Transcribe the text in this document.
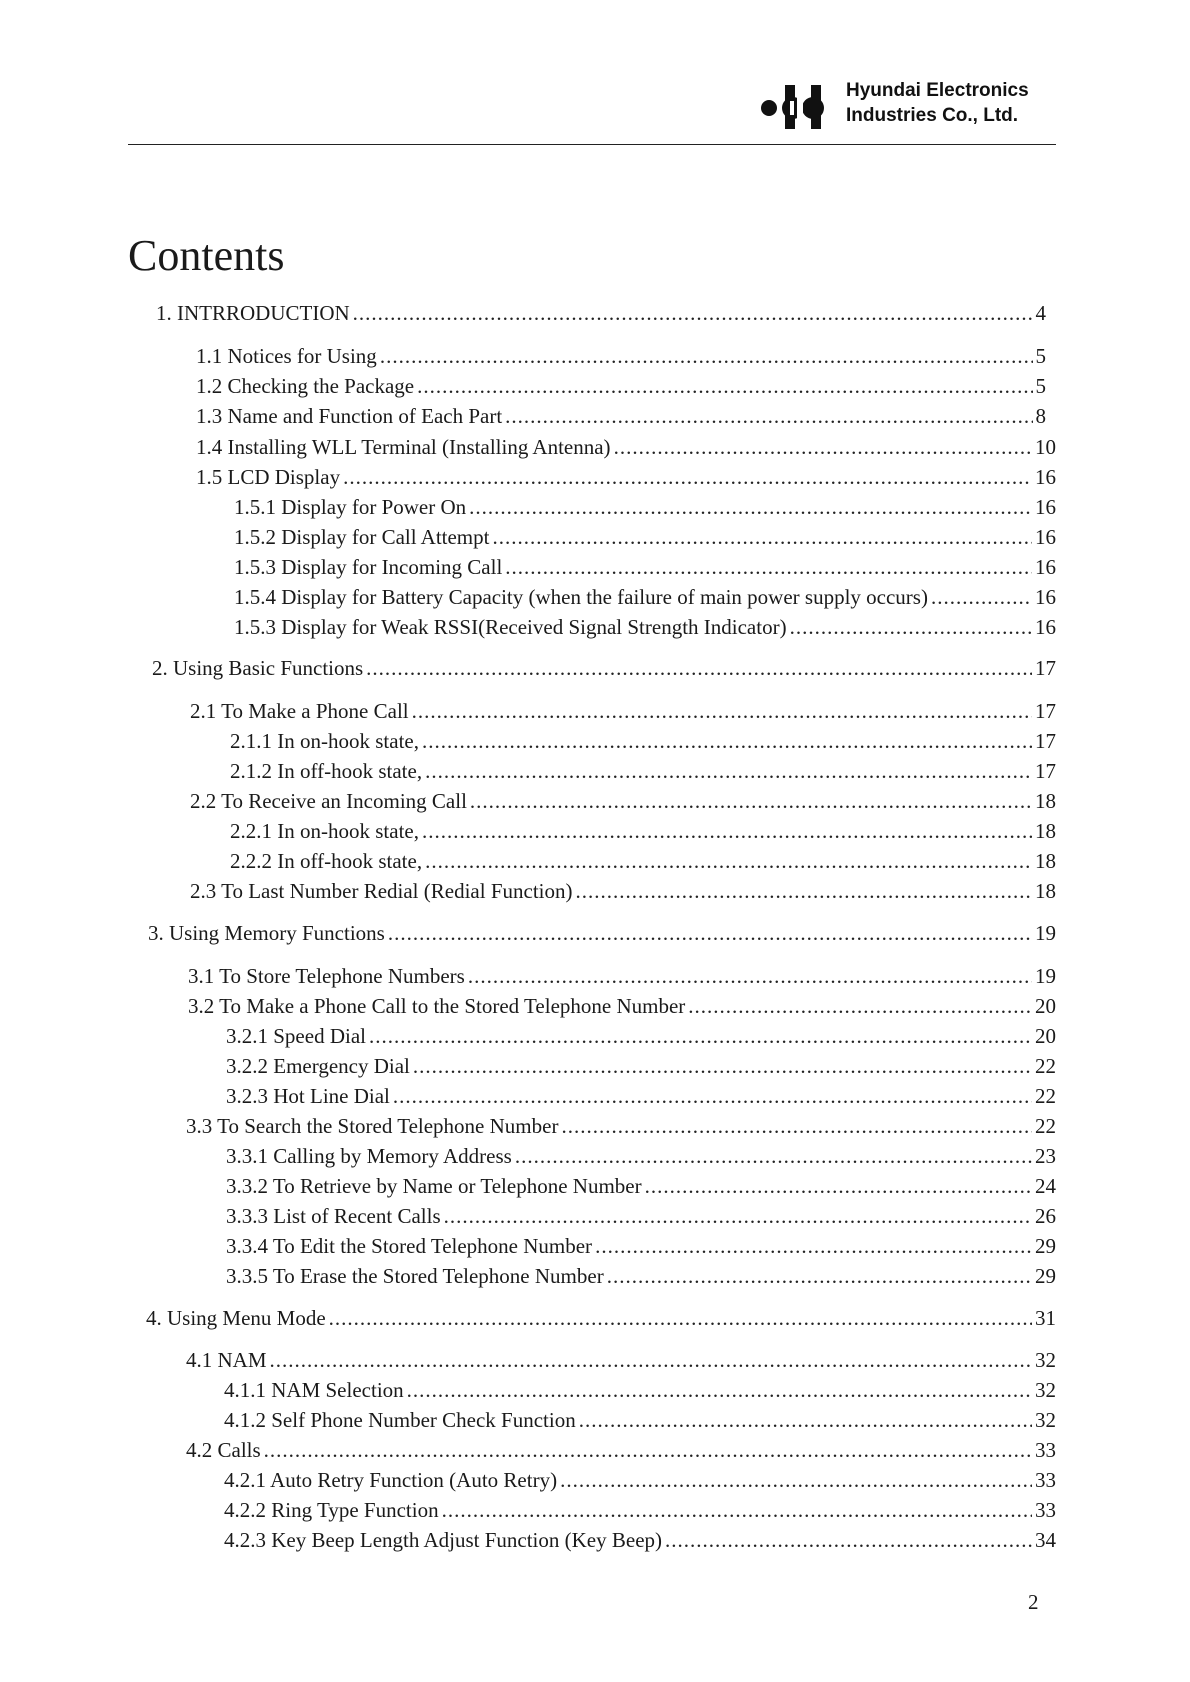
Hyundai Electronics
Industries Co., Ltd.
Contents
1. INTRRODUCTION .....	4
1.1 Notices for Using .....	5
1.2 Checking the Package .....	5
1.3 Name and Function of Each Part .....	8
1.4 Installing WLL Terminal (Installing Antenna) .....	10
1.5 LCD Display .....	16
1.5.1 Display for Power On .....	16
1.5.2 Display for Call Attempt .....	16
1.5.3 Display for Incoming Call .....	16
1.5.4 Display for Battery Capacity (when the failure of main power supply occurs) .....	16
1.5.3 Display for Weak RSSI(Received Signal Strength Indicator) .....	16
2. Using Basic Functions .....	17
2.1 To Make a Phone Call .....	17
2.1.1 In on-hook state, .....	17
2.1.2 In off-hook state, .....	17
2.2 To Receive an Incoming Call .....	18
2.2.1 In on-hook state, .....	18
2.2.2 In off-hook state, .....	18
2.3 To Last Number Redial (Redial Function) .....	18
3. Using Memory Functions .....	19
3.1 To Store Telephone Numbers .....	19
3.2 To Make a Phone Call to the Stored Telephone Number .....	20
3.2.1 Speed Dial .....	20
3.2.2 Emergency Dial .....	22
3.2.3 Hot Line Dial .....	22
3.3 To Search the Stored Telephone Number .....	22
3.3.1 Calling by Memory Address .....	23
3.3.2 To Retrieve by Name or Telephone Number .....	24
3.3.3 List of Recent Calls .....	26
3.3.4 To Edit the Stored Telephone Number .....	29
3.3.5 To Erase the Stored Telephone Number .....	29
4. Using Menu Mode .....	31
4.1 NAM .....	32
4.1.1 NAM Selection .....	32
4.1.2 Self Phone Number Check Function .....	32
4.2 Calls .....	33
4.2.1 Auto Retry Function (Auto Retry) .....	33
4.2.2 Ring Type Function .....	33
4.2.3 Key Beep Length Adjust Function (Key Beep) .....	34
2
